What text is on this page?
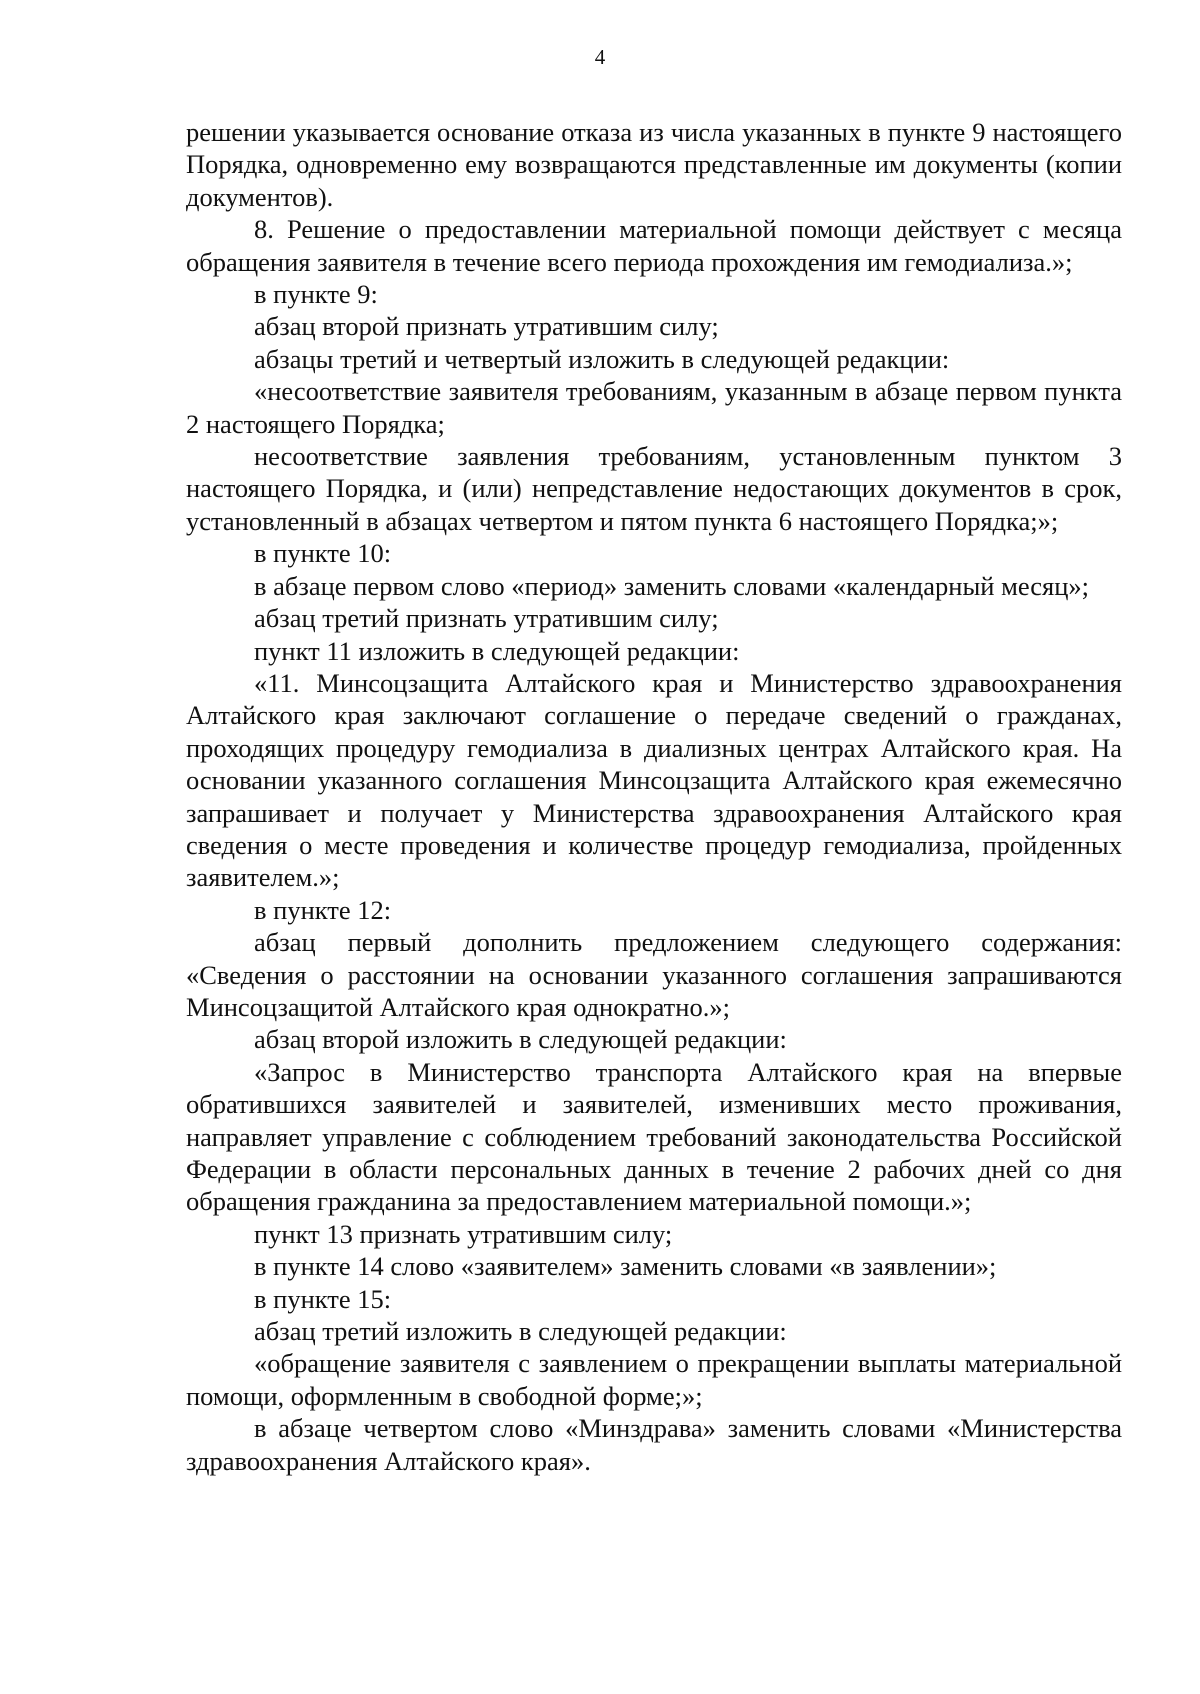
4

решении указывается основание отказа из числа указанных в пункте 9 настоящего Порядка, одновременно ему возвращаются представленные им документы (копии документов).

8. Решение о предоставлении материальной помощи действует с месяца обращения заявителя в течение всего периода прохождения им гемодиализа.»;

в пункте 9:

абзац второй признать утратившим силу;

абзацы третий и четвертый изложить в следующей редакции:

«несоответствие заявителя требованиям, указанным в абзаце первом пункта 2 настоящего Порядка;

несоответствие заявления требованиям, установленным пунктом 3 настоящего Порядка, и (или) непредставление недостающих документов в срок, установленный в абзацах четвертом и пятом пункта 6 настоящего Порядка;»;

в пункте 10:

в абзаце первом слово «период» заменить словами «календарный месяц»;

абзац третий признать утратившим силу;

пункт 11 изложить в следующей редакции:

«11. Минсоцзащита Алтайского края и Министерство здравоохранения Алтайского края заключают соглашение о передаче сведений о гражданах, проходящих процедуру гемодиализа в диализных центрах Алтайского края. На основании указанного соглашения Минсоцзащита Алтайского края ежемесячно запрашивает и получает у Министерства здравоохранения Алтайского края сведения о месте проведения и количестве процедур гемодиализа, пройденных заявителем.»;

в пункте 12:

абзац первый дополнить предложением следующего содержания: «Сведения о расстоянии на основании указанного соглашения запрашиваются Минсоцзащитой Алтайского края однократно.»;

абзац второй изложить в следующей редакции:

«Запрос в Министерство транспорта Алтайского края на впервые обратившихся заявителей и заявителей, изменивших место проживания, направляет управление с соблюдением требований законодательства Российской Федерации в области персональных данных в течение 2 рабочих дней со дня обращения гражданина за предоставлением материальной помощи.»;

пункт 13 признать утратившим силу;

в пункте 14 слово «заявителем» заменить словами «в заявлении»;

в пункте 15:

абзац третий изложить в следующей редакции:

«обращение заявителя с заявлением о прекращении выплаты материальной помощи, оформленным в свободной форме;»;

в абзаце четвертом слово «Минздрава» заменить словами «Министерства здравоохранения Алтайского края».
